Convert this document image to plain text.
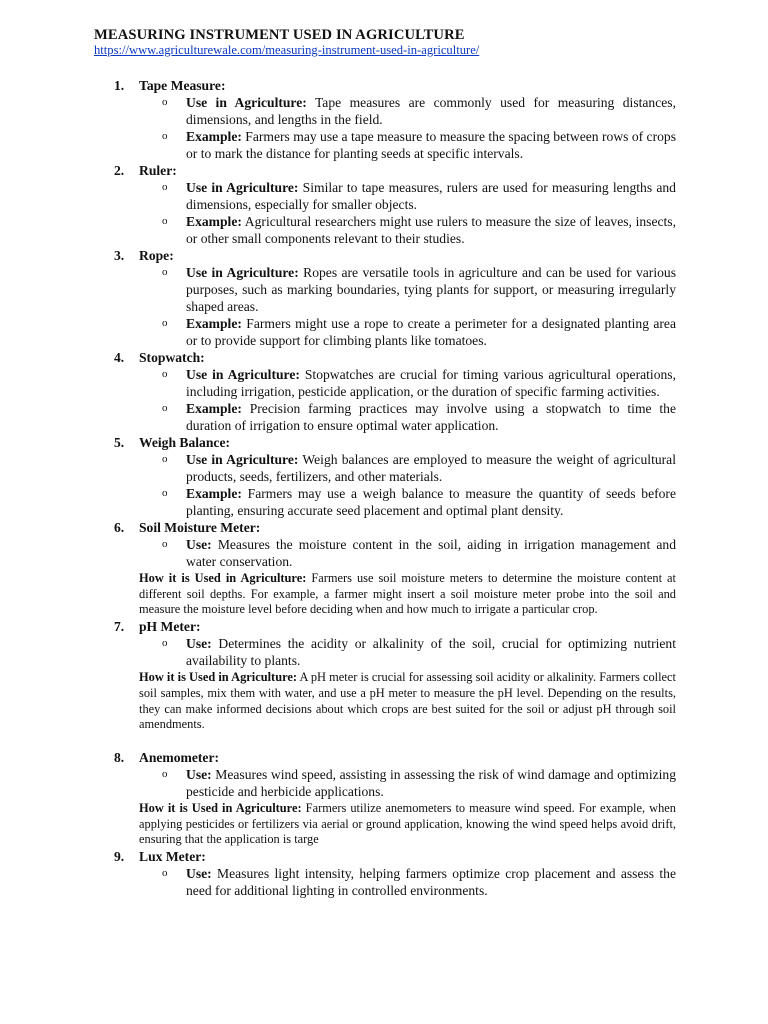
MEASURING INSTRUMENT USED IN AGRICULTURE
https://www.agriculturewale.com/measuring-instrument-used-in-agriculture/
1. Tape Measure:
o Use in Agriculture: Tape measures are commonly used for measuring distances, dimensions, and lengths in the field.
o Example: Farmers may use a tape measure to measure the spacing between rows of crops or to mark the distance for planting seeds at specific intervals.
2. Ruler:
o Use in Agriculture: Similar to tape measures, rulers are used for measuring lengths and dimensions, especially for smaller objects.
o Example: Agricultural researchers might use rulers to measure the size of leaves, insects, or other small components relevant to their studies.
3. Rope:
o Use in Agriculture: Ropes are versatile tools in agriculture and can be used for various purposes, such as marking boundaries, tying plants for support, or measuring irregularly shaped areas.
o Example: Farmers might use a rope to create a perimeter for a designated planting area or to provide support for climbing plants like tomatoes.
4. Stopwatch:
o Use in Agriculture: Stopwatches are crucial for timing various agricultural operations, including irrigation, pesticide application, or the duration of specific farming activities.
o Example: Precision farming practices may involve using a stopwatch to time the duration of irrigation to ensure optimal water application.
5. Weigh Balance:
o Use in Agriculture: Weigh balances are employed to measure the weight of agricultural products, seeds, fertilizers, and other materials.
o Example: Farmers may use a weigh balance to measure the quantity of seeds before planting, ensuring accurate seed placement and optimal plant density.
6. Soil Moisture Meter:
o Use: Measures the moisture content in the soil, aiding in irrigation management and water conservation.
How it is Used in Agriculture: Farmers use soil moisture meters to determine the moisture content at different soil depths. For example, a farmer might insert a soil moisture meter probe into the soil and measure the moisture level before deciding when and how much to irrigate a particular crop.
7. pH Meter:
o Use: Determines the acidity or alkalinity of the soil, crucial for optimizing nutrient availability to plants.
How it is Used in Agriculture: A pH meter is crucial for assessing soil acidity or alkalinity. Farmers collect soil samples, mix them with water, and use a pH meter to measure the pH level. Depending on the results, they can make informed decisions about which crops are best suited for the soil or adjust pH through soil amendments.
8. Anemometer:
o Use: Measures wind speed, assisting in assessing the risk of wind damage and optimizing pesticide and herbicide applications.
How it is Used in Agriculture: Farmers utilize anemometers to measure wind speed. For example, when applying pesticides or fertilizers via aerial or ground application, knowing the wind speed helps avoid drift, ensuring that the application is targe
9. Lux Meter:
o Use: Measures light intensity, helping farmers optimize crop placement and assess the need for additional lighting in controlled environments.
